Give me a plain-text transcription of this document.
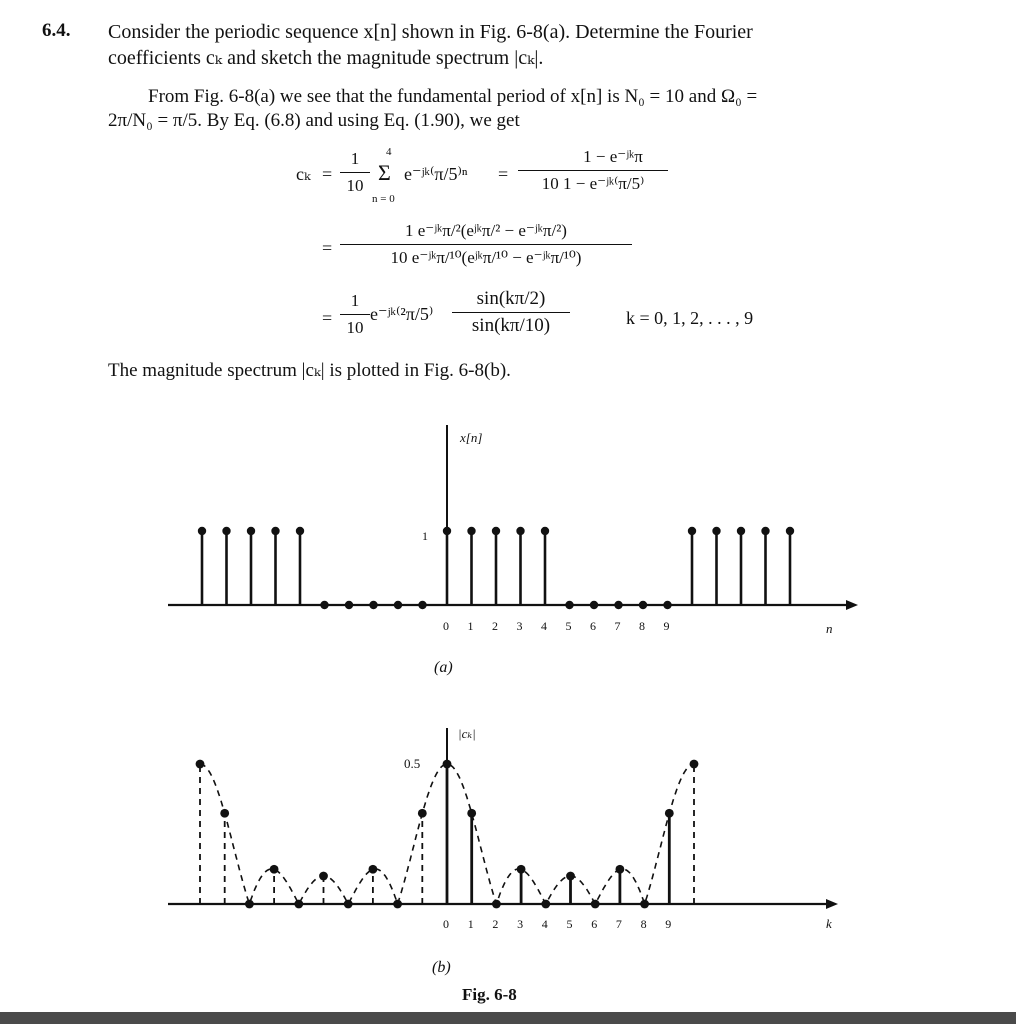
6.4. Consider the periodic sequence x[n] shown in Fig. 6-8(a). Determine the Fourier
coefficients cₖ and sketch the magnitude spectrum |cₖ|.
From Fig. 6-8(a) we see that the fundamental period of x[n] is N₀ = 10 and Ω₀ =
2π/N₀ = π/5. By Eq. (6.8) and using Eq. (1.90), we get
cₖ =
1
10
4
Σ
n = 0
e⁻ʲᵏ⁽π/5⁾ⁿ =
1 − e⁻ʲᵏπ
10 1 − e⁻ʲᵏ⁽π/5⁾
=
1 e⁻ʲᵏπ/²(eʲᵏπ/² − e⁻ʲᵏπ/²)
10 e⁻ʲᵏπ/¹⁰(eʲᵏπ/¹⁰ − e⁻ʲᵏπ/¹⁰)
=
1
10
e⁻ʲᵏ⁽²π/5⁾
sin(kπ/2)
sin(kπ/10)	k = 0, 1, 2, . . . , 9
The magnitude spectrum |cₖ| is plotted in Fig. 6-8(b).
x[n]
1
n
0 1 2 3 4 5 6 7 8 9
(a)
|cₖ|
0.5
k
0 1 2 3 4 5 6 7 8 9
(b)
Fig. 6-8
